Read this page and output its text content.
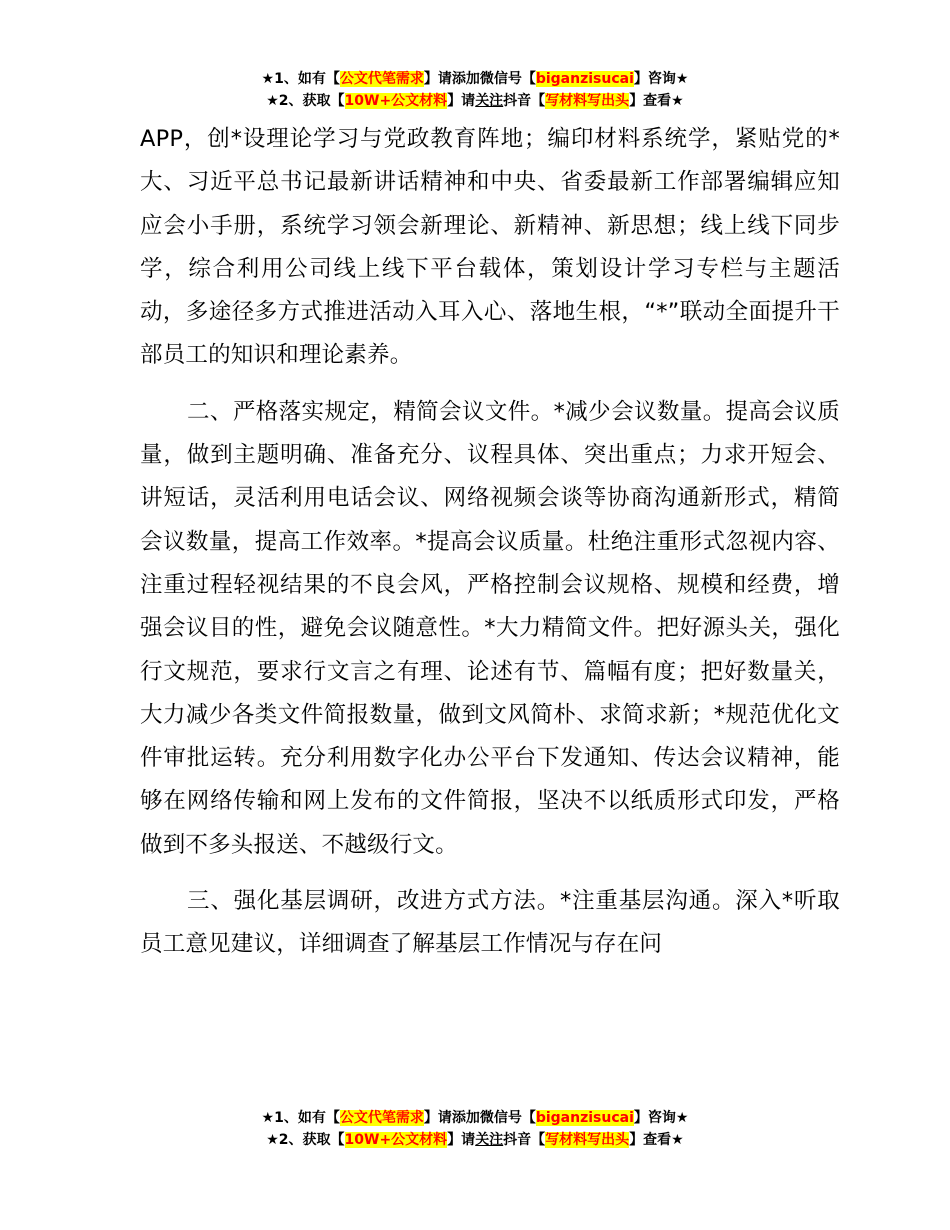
★1、如有【公文代笔需求】请添加微信号【biganzisucai】咨询★
★2、获取【10W+公文材料】请关注抖音【写材料写出头】查看★

APP，创*设理论学习与党政教育阵地；编印材料系统学，紧贴党的*大、习近平总书记最新讲话精神和中央、省委最新工作部署编辑应知应会小手册，系统学习领会新理论、新精神、新思想；线上线下同步学，综合利用公司线上线下平台载体，策划设计学习专栏与主题活动，多途径多方式推进活动入耳入心、落地生根，“*”联动全面提升干部员工的知识和理论素养。

二、严格落实规定，精简会议文件。*减少会议数量。提高会议质量，做到主题明确、准备充分、议程具体、突出重点；力求开短会、讲短话，灵活利用电话会议、网络视频会谈等协商沟通新形式，精简会议数量，提高工作效率。*提高会议质量。杜绝注重形式忽视内容、注重过程轻视结果的不良会风，严格控制会议规格、规模和经费，增强会议目的性，避免会议随意性。*大力精简文件。把好源头关，强化行文规范，要求行文言之有理、论述有节、篇幅有度；把好数量关，大力减少各类文件简报数量，做到文风简朴、求简求新；*规范优化文件审批运转。充分利用数字化办公平台下发通知、传达会议精神，能够在网络传输和网上发布的文件简报，坚决不以纸质形式印发，严格做到不多头报送、不越级行文。

三、强化基层调研，改进方式方法。*注重基层沟通。深入*听取员工意见建议，详细调查了解基层工作情况与存在问

★1、如有【公文代笔需求】请添加微信号【biganzisucai】咨询★
★2、获取【10W+公文材料】请关注抖音【写材料写出头】查看★
